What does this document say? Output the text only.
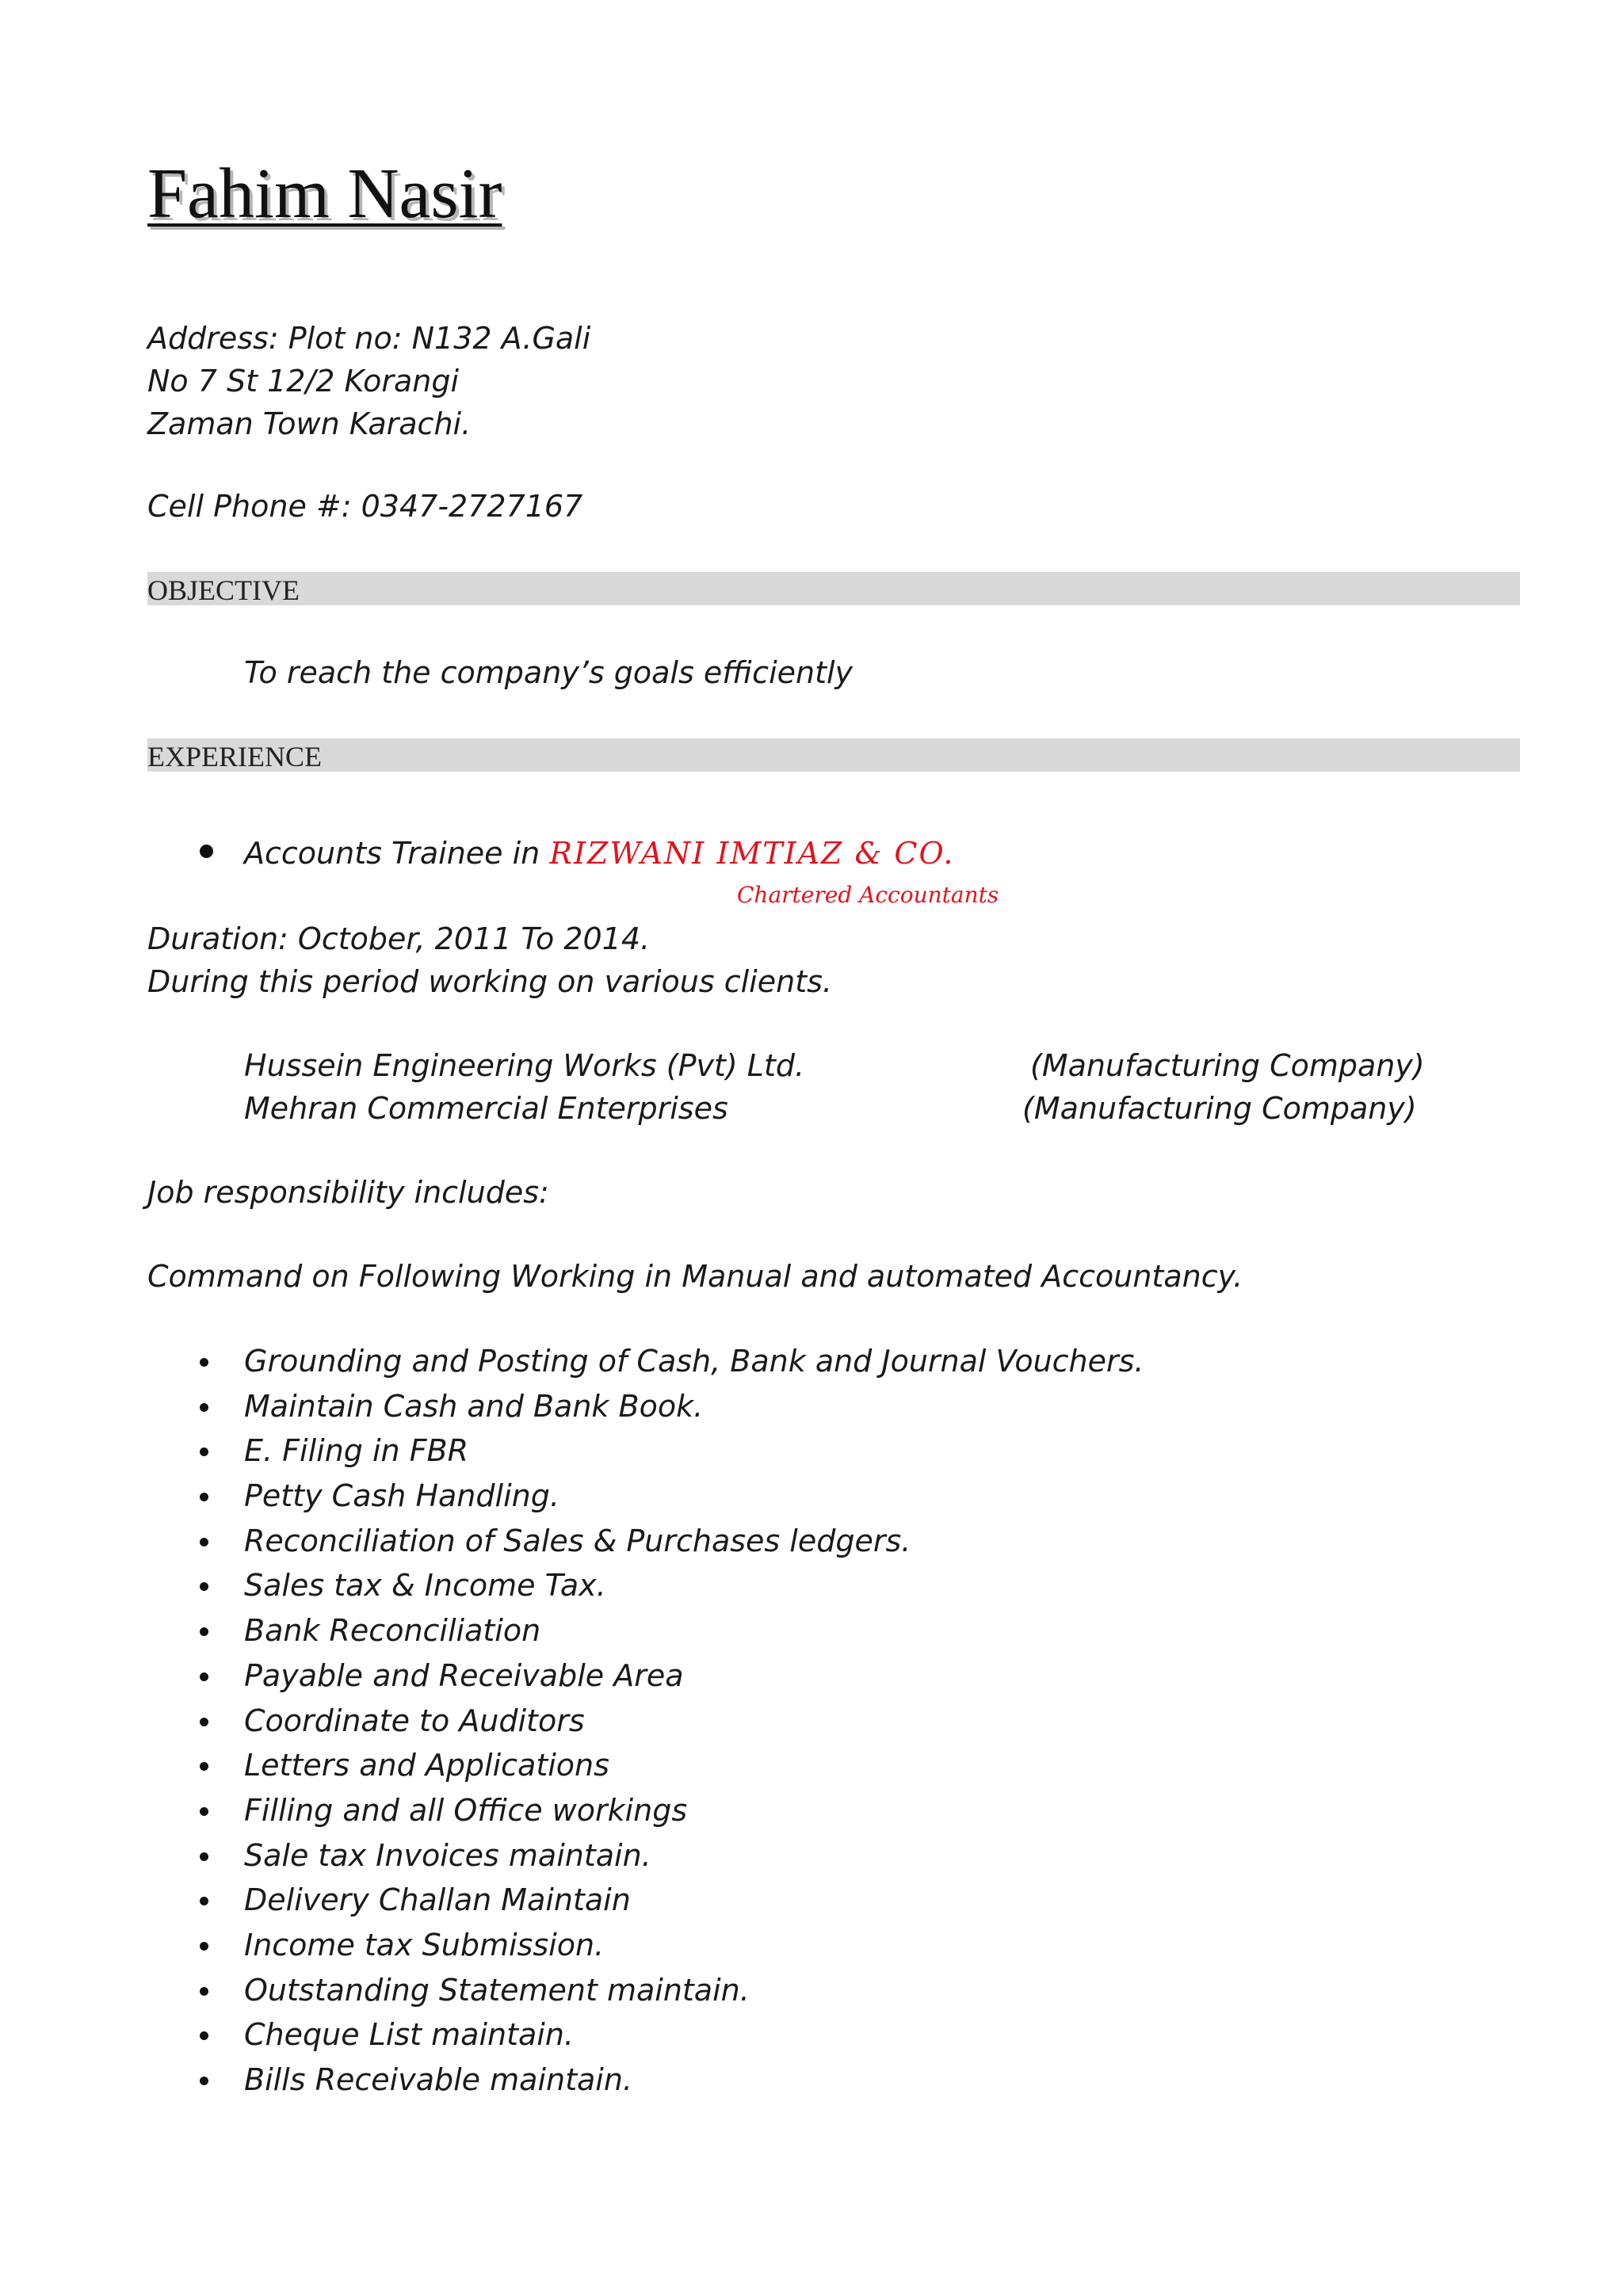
Fahim Nasir
Address: Plot no: N132 A.Gali
No 7 St 12/2 Korangi
Zaman Town Karachi.
Cell Phone #: 0347-2727167
OBJECTIVE
To reach the company’s goals efficiently
EXPERIENCE
Accounts Trainee in RIZWANI IMTIAZ & CO.
Chartered Accountants
Duration: October, 2011 To 2014.
During this period working on various clients.
Hussein Engineering Works (Pvt) Ltd.	(Manufacturing Company)
Mehran Commercial Enterprises	(Manufacturing Company)
Job responsibility includes:
Command on Following Working in Manual and automated Accountancy.
Grounding and Posting of Cash, Bank and Journal Vouchers.
Maintain Cash and Bank Book.
E. Filing in FBR
Petty Cash Handling.
Reconciliation of Sales & Purchases ledgers.
Sales tax & Income Tax.
Bank Reconciliation
Payable and Receivable Area
Coordinate to Auditors
Letters and Applications
Filling and all Office workings
Sale tax Invoices maintain.
Delivery Challan Maintain
Income tax Submission.
Outstanding Statement maintain.
Cheque List maintain.
Bills Receivable maintain.
